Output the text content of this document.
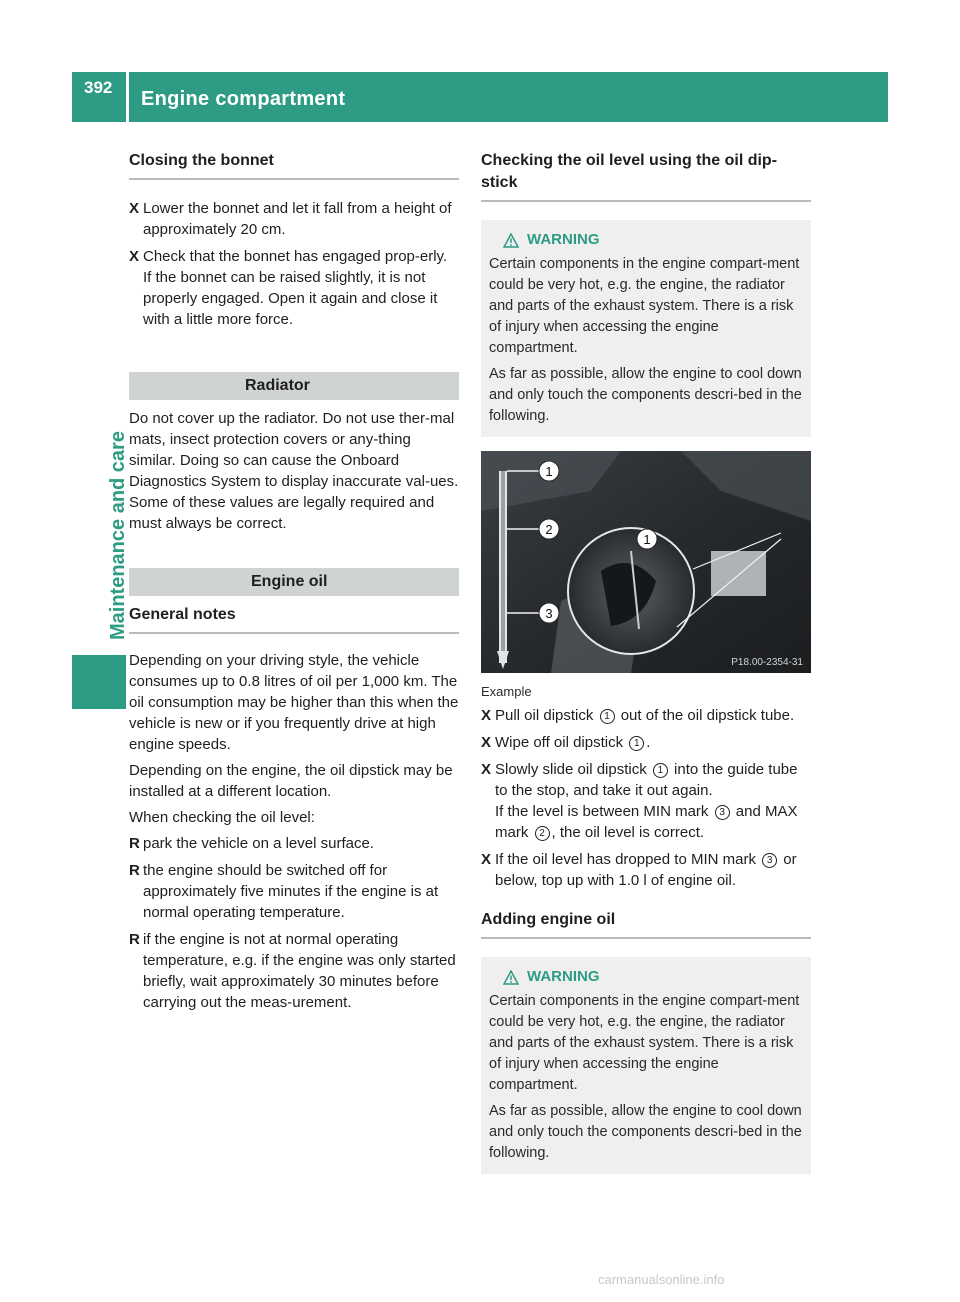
392
Engine compartment
Maintenance and care
Closing the bonnet
X Lower the bonnet and let it fall from a height of approximately 20 cm.
X Check that the bonnet has engaged prop-erly.
If the bonnet can be raised slightly, it is not properly engaged. Open it again and close it with a little more force.
Radiator

Do not cover up the radiator. Do not use ther-mal mats, insect protection covers or any-thing similar. Doing so can cause the Onboard Diagnostics System to display inaccurate val-ues. Some of these values are legally required and must always be correct.

Engine oil
General notes

Depending on your driving style, the vehicle consumes up to 0.8 litres of oil per 1,000 km. The oil consumption may be higher than this when the vehicle is new or if you frequently drive at high engine speeds.

Depending on the engine, the oil dipstick may be installed at a different location.

When checking the oil level:

R park the vehicle on a level surface.
R the engine should be switched off for approximately five minutes if the engine is at normal operating temperature.
R if the engine is not at normal operating temperature, e.g. if the engine was only started briefly, wait approximately 30 minutes before carrying out the meas-urement.
Checking the oil level using the oil dip-stick
WARNING

Certain components in the engine compart-ment could be very hot, e.g. the engine, the radiator and parts of the exhaust system. There is a risk of injury when accessing the engine compartment.

As far as possible, allow the engine to cool down and only touch the components descri-bed in the following.

1
2
3
1
P18.00-2354-31
Example
X Pull oil dipstick 1 out of the oil dipstick tube.
X Wipe off oil dipstick 1 .
X Slowly slide oil dipstick 1 into the guide tube to the stop, and take it out again.
If the level is between MIN mark 3 and MAX mark 2 , the oil level is correct.
X If the oil level has dropped to MIN mark 3 or below, top up with 1.0 l of engine oil.
Adding engine oil
WARNING

Certain components in the engine compart-ment could be very hot, e.g. the engine, the radiator and parts of the exhaust system. There is a risk of injury when accessing the engine compartment.

As far as possible, allow the engine to cool down and only touch the components descri-bed in the following.

carmanualsonline.info
